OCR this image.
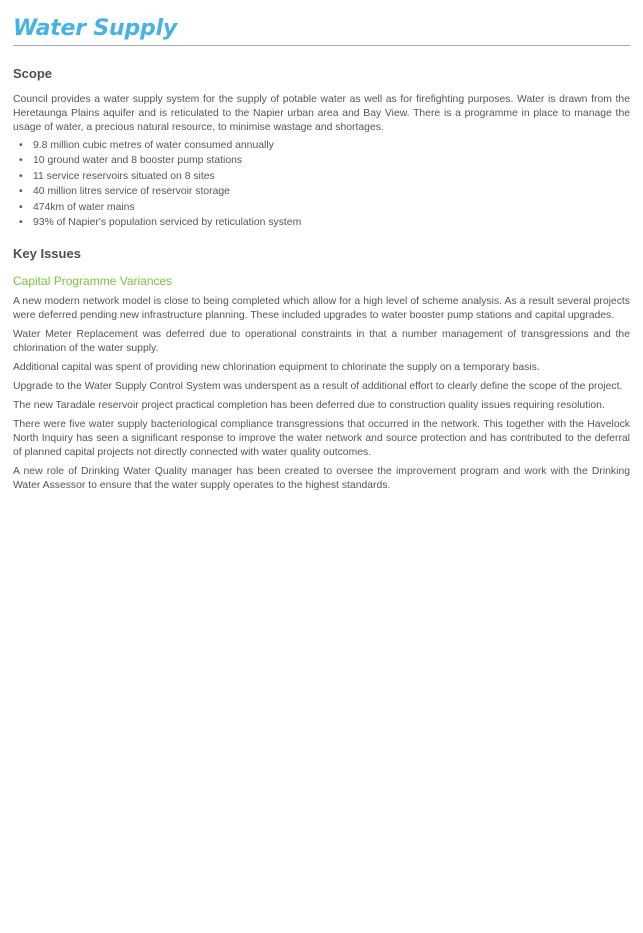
Water Supply
Scope

Council provides a water supply system for the supply of potable water as well as for firefighting purposes. Water is drawn from the Heretaunga Plains aquifer and is reticulated to the Napier urban area and Bay View. There is a programme in place to manage the usage of water, a precious natural resource, to minimise wastage and shortages.

• 9.8 million cubic metres of water consumed annually
• 10 ground water and 8 booster pump stations
• 11 service reservoirs situated on 8 sites
• 40 million litres service of reservoir storage
• 474km of water mains
• 93% of Napier's population serviced by reticulation system
Key Issues
Capital Programme Variances

A new modern network model is close to being completed which allow for a high level of scheme analysis. As a result several projects were deferred pending new infrastructure planning. These included upgrades to water booster pump stations and capital upgrades.

Water Meter Replacement was deferred due to operational constraints in that a number management of transgressions and the chlorination of the water supply.

Additional capital was spent of providing new chlorination equipment to chlorinate the supply on a temporary basis.

Upgrade to the Water Supply Control System was underspent as a result of additional effort to clearly define the scope of the project.

The new Taradale reservoir project practical completion has been deferred due to construction quality issues requiring resolution.

There were five water supply bacteriological compliance transgressions that occurred in the network. This together with the Havelock North Inquiry has seen a significant response to improve the water network and source protection and has contributed to the deferral of planned capital projects not directly connected with water quality outcomes.

A new role of Drinking Water Quality manager has been created to oversee the improvement program and work with the Drinking Water Assessor to ensure that the water supply operates to the highest standards.
